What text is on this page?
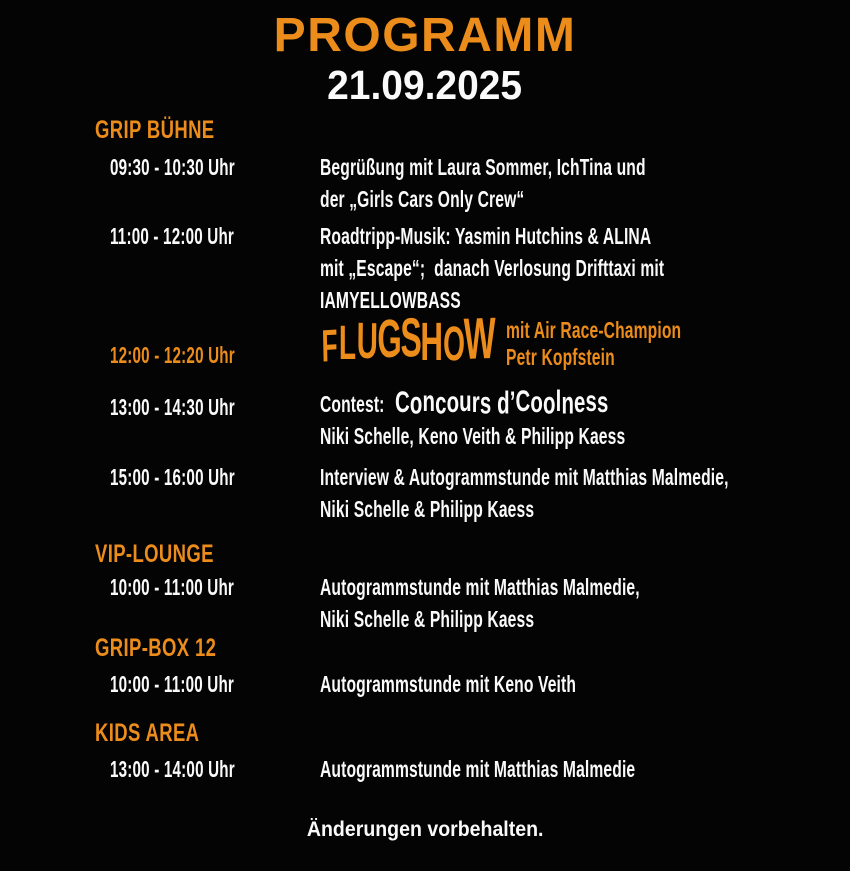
PROGRAMM
21.09.2025
GRIP BÜHNE
09:30 - 10:30 Uhr	Begrüßung mit Laura Sommer, IchTina und
der „Girls Cars Only Crew“
11:00 - 12:00 Uhr	Roadtripp-Musik: Yasmin Hutchins & ALINA
mit „Escape“;  danach Verlosung Drifttaxi mit
IAMYELLOWBASS
12:00 - 12:20 Uhr	FLUGSHOW mit Air Race-Champion
Petr Kopfstein
13:00 - 14:30 Uhr	Contest: Concours d’Coolness
Niki Schelle, Keno Veith & Philipp Kaess
15:00 - 16:00 Uhr	Interview & Autogrammstunde mit Matthias Malmedie,
Niki Schelle & Philipp Kaess
VIP-LOUNGE
10:00 - 11:00 Uhr	Autogrammstunde mit Matthias Malmedie,
Niki Schelle & Philipp Kaess
GRIP-BOX 12
10:00 - 11:00 Uhr	Autogrammstunde mit Keno Veith
KIDS AREA
13:00 - 14:00 Uhr	Autogrammstunde mit Matthias Malmedie
Änderungen vorbehalten.
